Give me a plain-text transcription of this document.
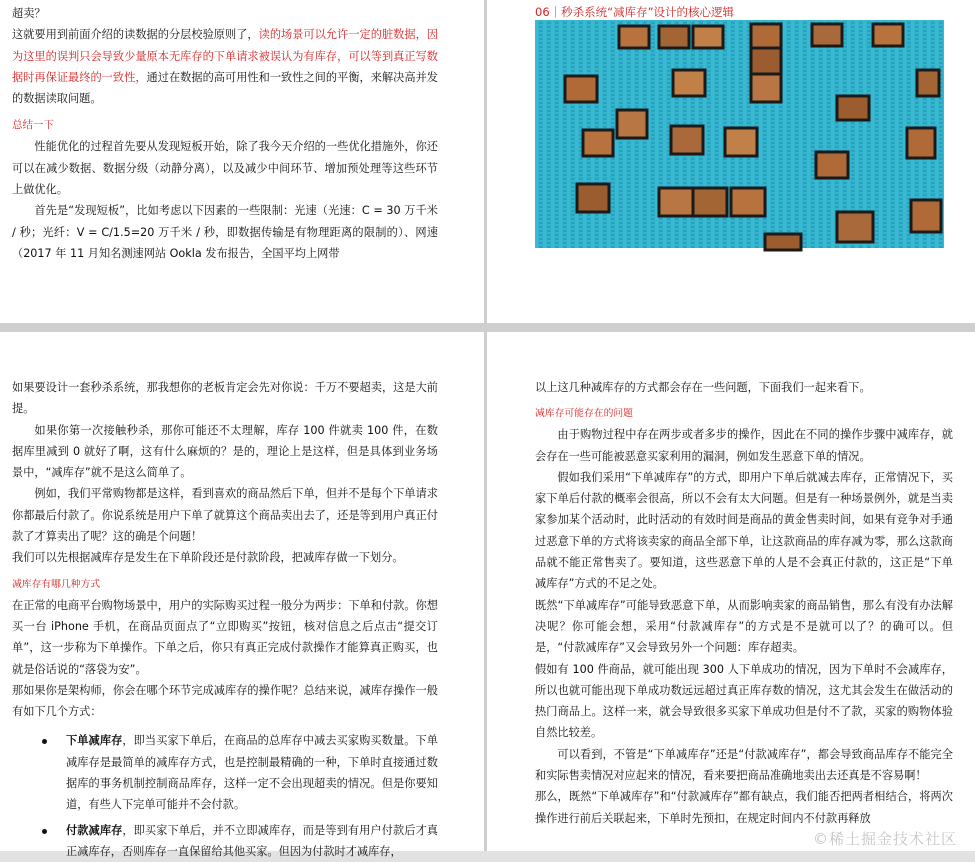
超卖？

这就要用到前面介绍的读数据的分层校验原则了，读的场景可以允许一定的脏数据，因为这里的误判只会导致少量原本无库存的下单请求被误认为有库存，可以等到真正写数据时再保证最终的一致性，通过在数据的高可用性和一致性之间的平衡，来解决高并发的数据读取问题。

总结一下

性能优化的过程首先要从发现短板开始，除了我今天介绍的一些优化措施外，你还可以在减少数据、数据分级（动静分离），以及减少中间环节、增加预处理等这些环节上做优化。

首先是“发现短板”，比如考虑以下因素的一些限制：光速（光速：C = 30 万千米 / 秒；光纤：V = C/1.5=20 万千米 / 秒，即数据传输是有物理距离的限制的）、网速（2017 年 11 月知名测速网站 Ookla 发布报告，全国平均上网带

06｜秒杀系统“减库存”设计的核心逻辑

如果要设计一套秒杀系统，那我想你的老板肯定会先对你说：千万不要超卖，这是大前提。

如果你第一次接触秒杀，那你可能还不太理解，库存 100 件就卖 100 件，在数据库里减到 0 就好了啊，这有什么麻烦的？是的，理论上是这样，但是具体到业务场景中，“减库存”就不是这么简单了。

例如，我们平常购物都是这样，看到喜欢的商品然后下单，但并不是每个下单请求你都最后付款了。你说系统是用户下单了就算这个商品卖出去了，还是等到用户真正付款了才算卖出了呢？这的确是个问题！

我们可以先根据减库存是发生在下单阶段还是付款阶段，把减库存做一下划分。

减库存有哪几种方式

在正常的电商平台购物场景中，用户的实际购买过程一般分为两步：下单和付款。你想买一台 iPhone 手机，在商品页面点了“立即购买”按钮，核对信息之后点击“提交订单”，这一步称为下单操作。下单之后，你只有真正完成付款操作才能算真正购买，也就是俗话说的“落袋为安”。

那如果你是架构师，你会在哪个环节完成减库存的操作呢？总结来说，减库存操作一般有如下几个方式：

下单减库存，即当买家下单后，在商品的总库存中减去买家购买数量。下单减库存是最简单的减库存方式，也是控制最精确的一种，下单时直接通过数据库的事务机制控制商品库存，这样一定不会出现超卖的情况。但是你要知道，有些人下完单可能并不会付款。

付款减库存，即买家下单后，并不立即减库存，而是等到有用户付款后才真正减库存，否则库存一直保留给其他买家。但因为付款时才减库存，

以上这几种减库存的方式都会存在一些问题，下面我们一起来看下。

减库存可能存在的问题

由于购物过程中存在两步或者多步的操作，因此在不同的操作步骤中减库存，就会存在一些可能被恶意买家利用的漏洞，例如发生恶意下单的情况。

假如我们采用“下单减库存”的方式，即用户下单后就减去库存，正常情况下，买家下单后付款的概率会很高，所以不会有太大问题。但是有一种场景例外，就是当卖家参加某个活动时，此时活动的有效时间是商品的黄金售卖时间，如果有竞争对手通过恶意下单的方式将该卖家的商品全部下单，让这款商品的库存减为零，那么这款商品就不能正常售卖了。要知道，这些恶意下单的人是不会真正付款的，这正是“下单减库存”方式的不足之处。

既然“下单减库存”可能导致恶意下单，从而影响卖家的商品销售，那么有没有办法解决呢？你可能会想，采用“付款减库存”的方式是不是就可以了？的确可以。但是，“付款减库存”又会导致另外一个问题：库存超卖。

假如有 100 件商品，就可能出现 300 人下单成功的情况，因为下单时不会减库存，所以也就可能出现下单成功数远远超过真正库存数的情况，这尤其会发生在做活动的热门商品上。这样一来，就会导致很多买家下单成功但是付不了款，买家的购物体验自然比较差。

可以看到，不管是“下单减库存”还是“付款减库存”，都会导致商品库存不能完全和实际售卖情况对应起来的情况，看来要把商品准确地卖出去还真是不容易啊！

那么，既然“下单减库存”和“付款减库存”都有缺点，我们能否把两者相结合，将两次操作进行前后关联起来，下单时先预扣，在规定时间内不付款再释放

©稀土掘金技术社区
